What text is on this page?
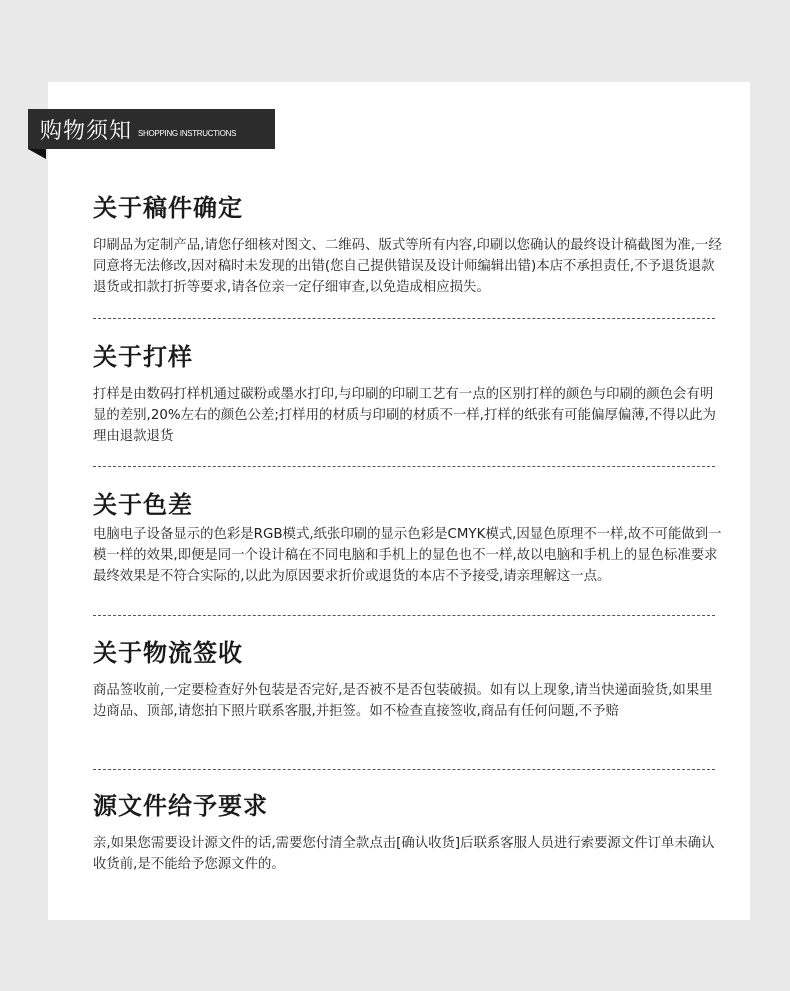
购物须知 SHOPPING INSTRUCTIONS
关于稿件确定

印刷品为定制产品,请您仔细核对图文、二维码、版式等所有内容,印刷以您确认的最终设计稿截图为准,一经同意将无法修改,因对稿时未发现的出错(您自己提供错误及设计师编辑出错)本店不承担责任,不予退货退款退货或扣款打折等要求,请各位亲一定仔细审查,以免造成相应损失。

关于打样

打样是由数码打样机通过碳粉或墨水打印,与印刷的印刷工艺有一点的区别打样的颜色与印刷的颜色会有明显的差别,20%左右的颜色公差;打样用的材质与印刷的材质不一样,打样的纸张有可能偏厚偏薄,不得以此为理由退款退货

关于色差

电脑电子设备显示的色彩是RGB模式,纸张印刷的显示色彩是CMYK模式,因显色原理不一样,故不可能做到一模一样的效果,即便是同一个设计稿在不同电脑和手机上的显色也不一样,故以电脑和手机上的显色标准要求最终效果是不符合实际的,以此为原因要求折价或退货的本店不予接受,请亲理解这一点。

关于物流签收

商品签收前,一定要检查好外包装是否完好,是否被不是否包装破损。如有以上现象,请当快递面验货,如果里边商品、顶部,请您拍下照片联系客服,并拒签。如不检查直接签收,商品有任何问题,不予赔

源文件给予要求

亲,如果您需要设计源文件的话,需要您付清全款点击[确认收货]后联系客服人员进行索要源文件订单未确认收货前,是不能给予您源文件的。
